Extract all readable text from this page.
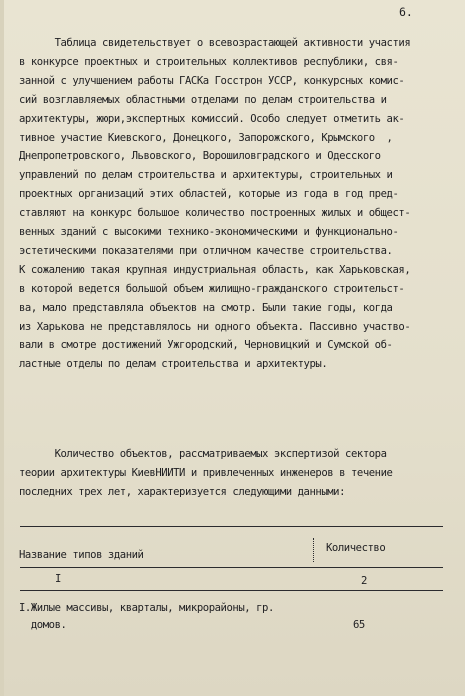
6.
Таблица свидетельствует о всевозрастающей активности участия
в конкурсе проектных и строительных коллективов республики, свя-
занной с улучшением работы ГАСКа Госстрон УССР, конкурсных комис-
сий возглавляемых областными отделами по делам строительства и
архитектуры, жюри,экспертных комиссий. Особо следует отметить ак-
тивное участие Киевского, Донецкого, Запорожского, Крымского  ,
Днепропетровского, Львовского, Ворошиловградского и Одесского
управлений по делам строительства и архитектуры, строительных и
проектных организаций этих областей, которые из года в год пред-
ставляют на конкурс большое количество построенных жилых и общест-
венных зданий с высокими технико-экономическими и функционально-
эстетическими показателями при отличном качестве строительства.
К сожалению такая крупная индустриальная область, как Харьковская,
в которой ведется большой объем жилищно-гражданского строительст-
ва, мало представляла объектов на смотр. Были такие годы, когда
из Харькова не представлялось ни одного объекта. Пассивно участво-
вали в смотре достижений Ужгородский, Черновицкий и Сумской об-
ластные отделы по делам строительства и архитектуры.
Количество объектов, рассматриваемых экспертизой сектора
теории архитектуры КиевНИИТИ и привлеченных инженеров в течение
последних трех лет, характеризуется следующими данными:
Название типов зданий
Количество
I	2
I.Жилые массивы, кварталы, микрорайоны, гр.
домов.	65
